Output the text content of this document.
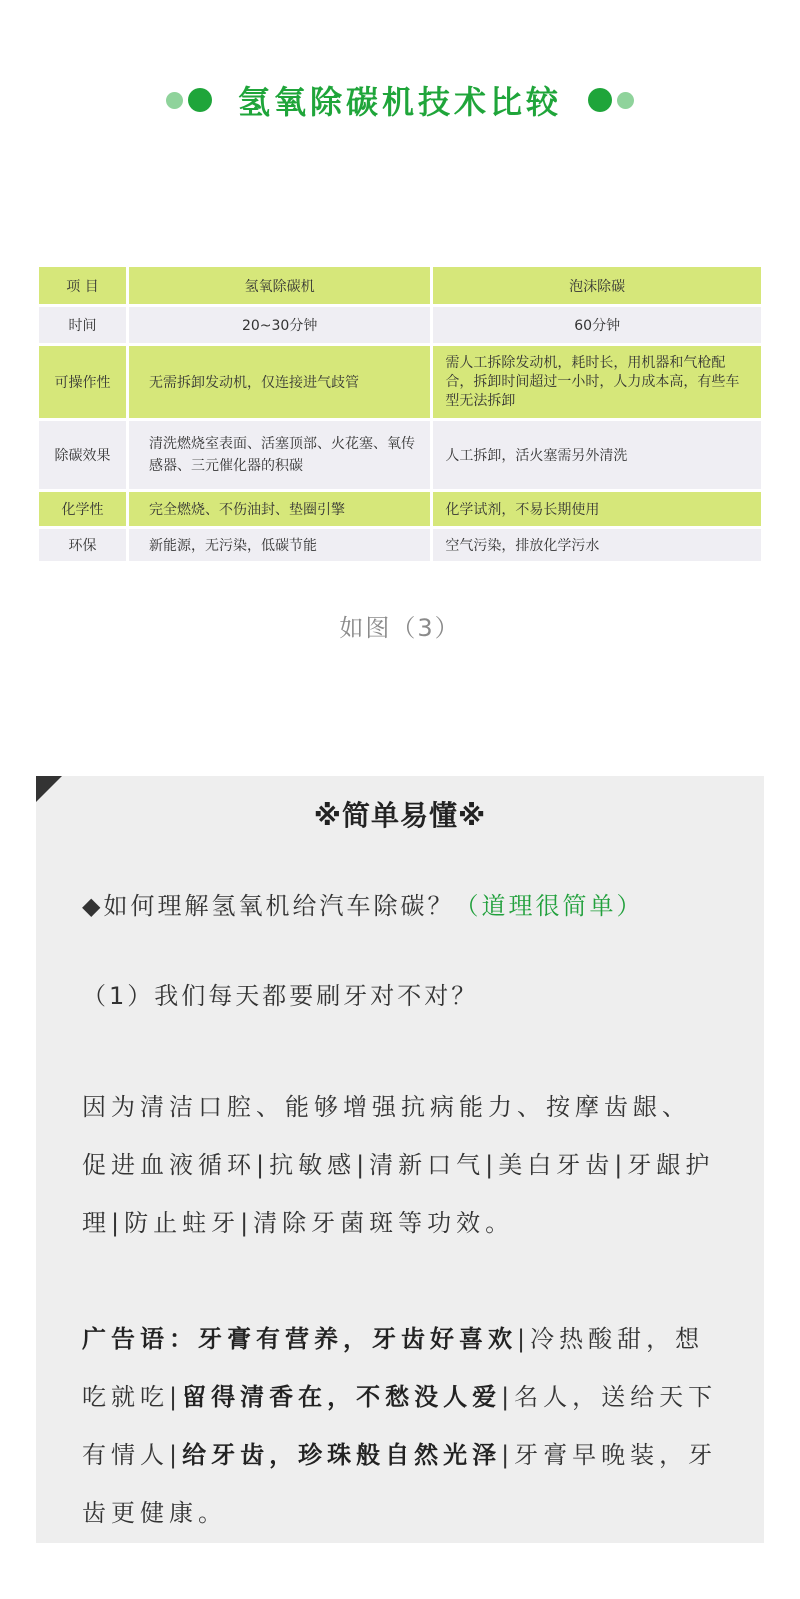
氢氧除碳机技术比较
项 目	氢氧除碳机	泡沫除碳
时间	20~30分钟	60分钟
可操作性	无需拆卸发动机，仅连接进气歧管	需人工拆除发动机，耗时长，用机器和气枪配合，拆卸时间超过一小时，人力成本高，有些车型无法拆卸
除碳效果	清洗燃烧室表面、活塞顶部、火花塞、氧传感器、三元催化器的积碳	人工拆卸，活火塞需另外清洗
化学性	完全燃烧、不伤油封、垫圈引擎	化学试剂，不易长期使用
环保	新能源，无污染，低碳节能	空气污染，排放化学污水
如图（3）
※简单易懂※
◆如何理解氢氧机给汽车除碳？（道理很简单）
（1）我们每天都要刷牙对不对？

因为清洁口腔、能够增强抗病能力、按摩齿龈、促进血液循环|抗敏感|清新口气|美白牙齿|牙龈护理|防止蛀牙|清除牙菌斑等功效。

广告语：牙膏有营养，牙齿好喜欢|冷热酸甜，想吃就吃|留得清香在，不愁没人爱|名人，送给天下有情人|给牙齿，珍珠般自然光泽|牙膏早晚装，牙齿更健康。
